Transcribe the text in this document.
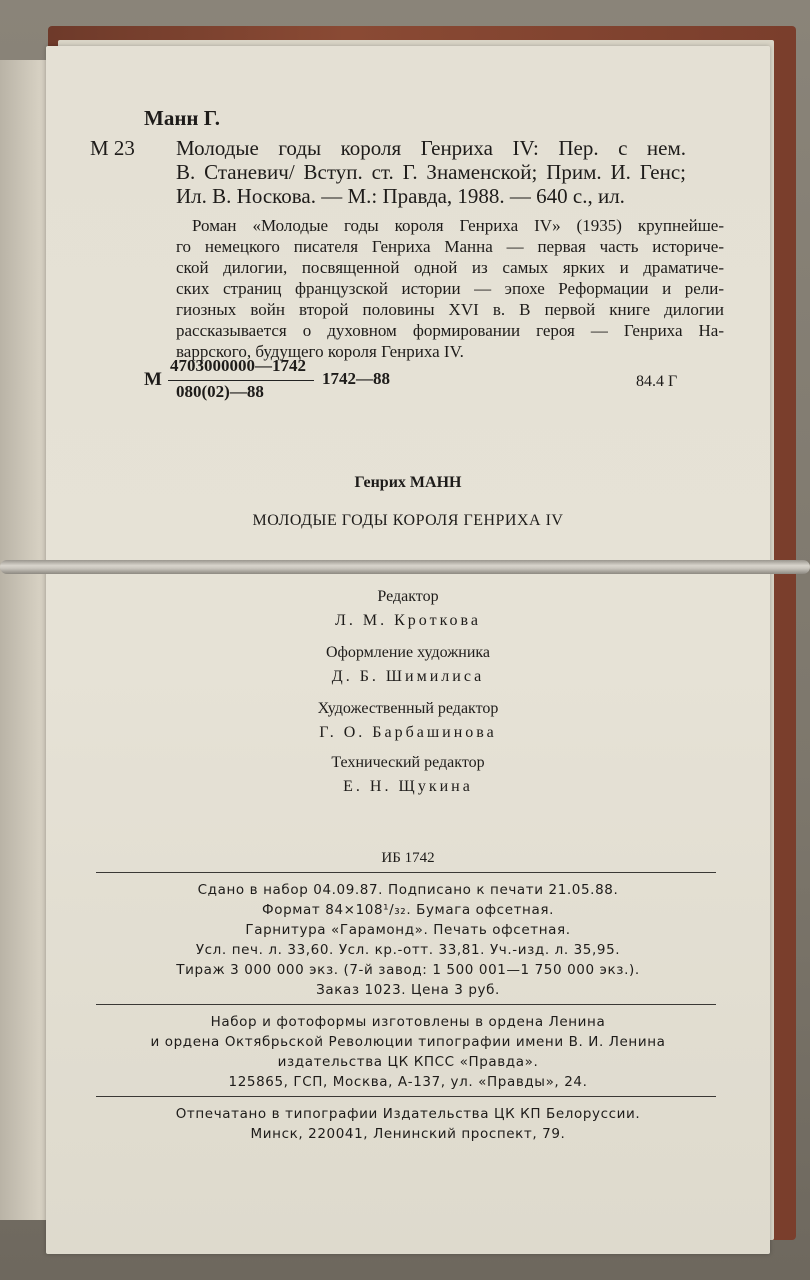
Манн Г.
М 23 Молодые годы короля Генриха IV: Пер. с нем.
В. Станевич/ Вступ. ст. Г. Знаменской; Прим. И. Генс;
Ил. В. Носкова. — М.: Правда, 1988. — 640 с., ил.
Роман «Молодые годы короля Генриха IV» (1935) крупнейше-
го немецкого писателя Генриха Манна — первая часть историче-
ской дилогии, посвященной одной из самых ярких и драматиче-
ских страниц французской истории — эпохе Реформации и рели-
гиозных войн второй половины XVI в. В первой книге дилогии
рассказывается о духовном формировании героя — Генриха На-
варрского, будущего короля Генриха IV.
М
4703000000—1742
080(02)—88
1742—88	84.4 Г
Генрих МАНН
МОЛОДЫЕ ГОДЫ КОРОЛЯ ГЕНРИХА IV
Редактор
Л. М. Кроткова
Оформление художника
Д. Б. Шимилиса
Художественный редактор
Г. О. Барбашинова
Технический редактор
Е. Н. Щукина
ИБ 1742
Сдано в набор 04.09.87. Подписано к печати 21.05.88.
Формат 84×108¹/₃₂. Бумага офсетная.
Гарнитура «Гарамонд». Печать офсетная.
Усл. печ. л. 33,60. Усл. кр.-отт. 33,81. Уч.-изд. л. 35,95.
Тираж 3 000 000 экз. (7-й завод: 1 500 001—1 750 000 экз.).
Заказ 1023. Цена 3 руб.
Набор и фотоформы изготовлены в ордена Ленина
и ордена Октябрьской Революции типографии имени В. И. Ленина
издательства ЦК КПСС «Правда».
125865, ГСП, Москва, А-137, ул. «Правды», 24.
Отпечатано в типографии Издательства ЦК КП Белоруссии.
Минск, 220041, Ленинский проспект, 79.
